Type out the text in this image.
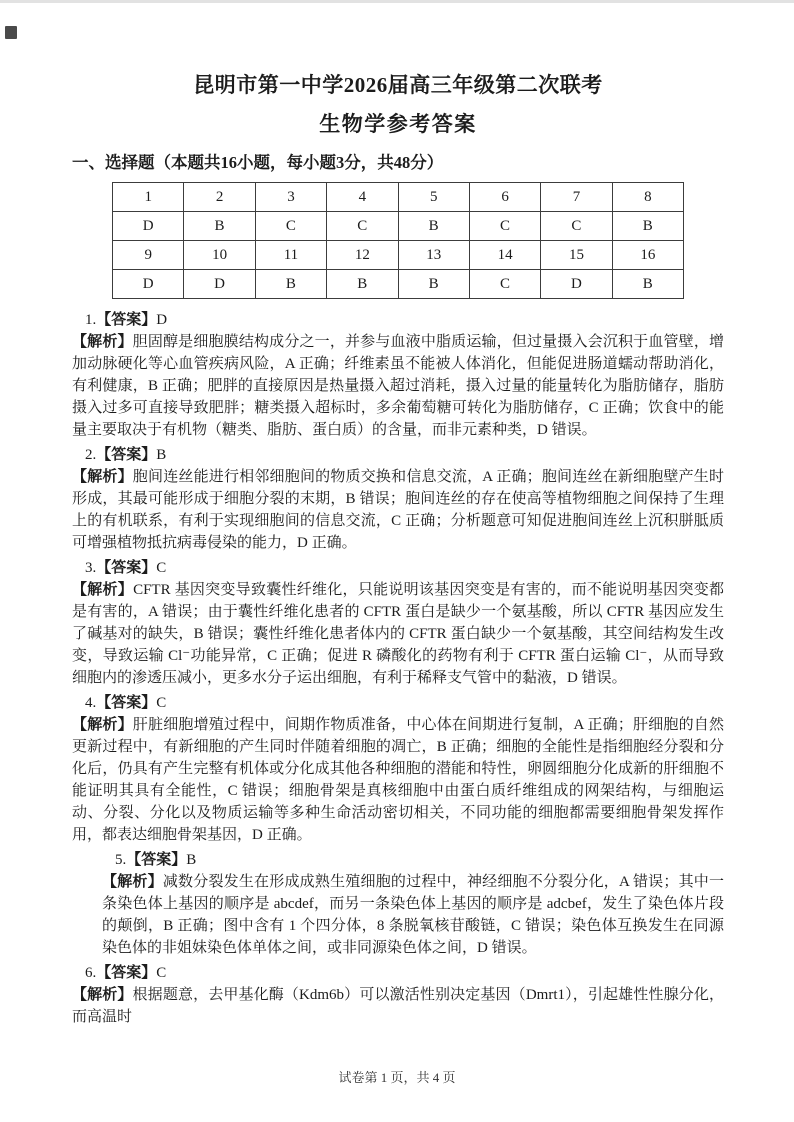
昆明市第一中学2026届高三年级第二次联考
生物学参考答案
一、选择题（本题共16小题，每小题3分，共48分）
1	2	3	4	5	6	7	8
D	B	C	C	B	C	C	B
9	10	11	12	13	14	15	16
D	D	B	B	B	C	D	B

1.【答案】D

【解析】胆固醇是细胞膜结构成分之一，并参与血液中脂质运输，但过量摄入会沉积于血管壁，增加动脉硬化等心血管疾病风险，A 正确；纤维素虽不能被人体消化，但能促进肠道蠕动帮助消化，有利健康，B 正确；肥胖的直接原因是热量摄入超过消耗，摄入过量的能量转化为脂肪储存，脂肪摄入过多可直接导致肥胖；糖类摄入超标时，多余葡萄糖可转化为脂肪储存，C 正确；饮食中的能量主要取决于有机物（糖类、脂肪、蛋白质）的含量，而非元素种类，D 错误。

2.【答案】B

【解析】胞间连丝能进行相邻细胞间的物质交换和信息交流，A 正确；胞间连丝在新细胞壁产生时形成，其最可能形成于细胞分裂的末期，B 错误；胞间连丝的存在使高等植物细胞之间保持了生理上的有机联系，有利于实现细胞间的信息交流，C 正确；分析题意可知促进胞间连丝上沉积胼胝质可增强植物抵抗病毒侵染的能力，D 正确。

3.【答案】C

【解析】CFTR 基因突变导致囊性纤维化，只能说明该基因突变是有害的，而不能说明基因突变都是有害的，A 错误；由于囊性纤维化患者的 CFTR 蛋白是缺少一个氨基酸，所以 CFTR 基因应发生了碱基对的缺失，B 错误；囊性纤维化患者体内的 CFTR 蛋白缺少一个氨基酸，其空间结构发生改变，导致运输 Cl⁻功能异常，C 正确；促进 R 磷酸化的药物有利于 CFTR 蛋白运输 Cl⁻，从而导致细胞内的渗透压减小，更多水分子运出细胞，有利于稀释支气管中的黏液，D 错误。

4.【答案】C

【解析】肝脏细胞增殖过程中，间期作物质准备，中心体在间期进行复制，A 正确；肝细胞的自然更新过程中，有新细胞的产生同时伴随着细胞的凋亡，B 正确；细胞的全能性是指细胞经分裂和分化后，仍具有产生完整有机体或分化成其他各种细胞的潜能和特性，卵圆细胞分化成新的肝细胞不能证明其具有全能性，C 错误；细胞骨架是真核细胞中由蛋白质纤维组成的网架结构，与细胞运动、分裂、分化以及物质运输等多种生命活动密切相关，不同功能的细胞都需要细胞骨架发挥作用，都表达细胞骨架基因，D 正确。

5.【答案】B

【解析】减数分裂发生在形成成熟生殖细胞的过程中，神经细胞不分裂分化，A 错误；其中一条染色体上基因的顺序是 abcdef，而另一条染色体上基因的顺序是 adcbef，发生了染色体片段的颠倒，B 正确；图中含有 1 个四分体，8 条脱氧核苷酸链，C 错误；染色体互换发生在同源染色体的非姐妹染色体单体之间，或非同源染色体之间，D 错误。

6.【答案】C

【解析】根据题意，去甲基化酶（Kdm6b）可以激活性别决定基因（Dmrt1），引起雄性性腺分化，而高温时

试卷第 1 页，共 4 页
